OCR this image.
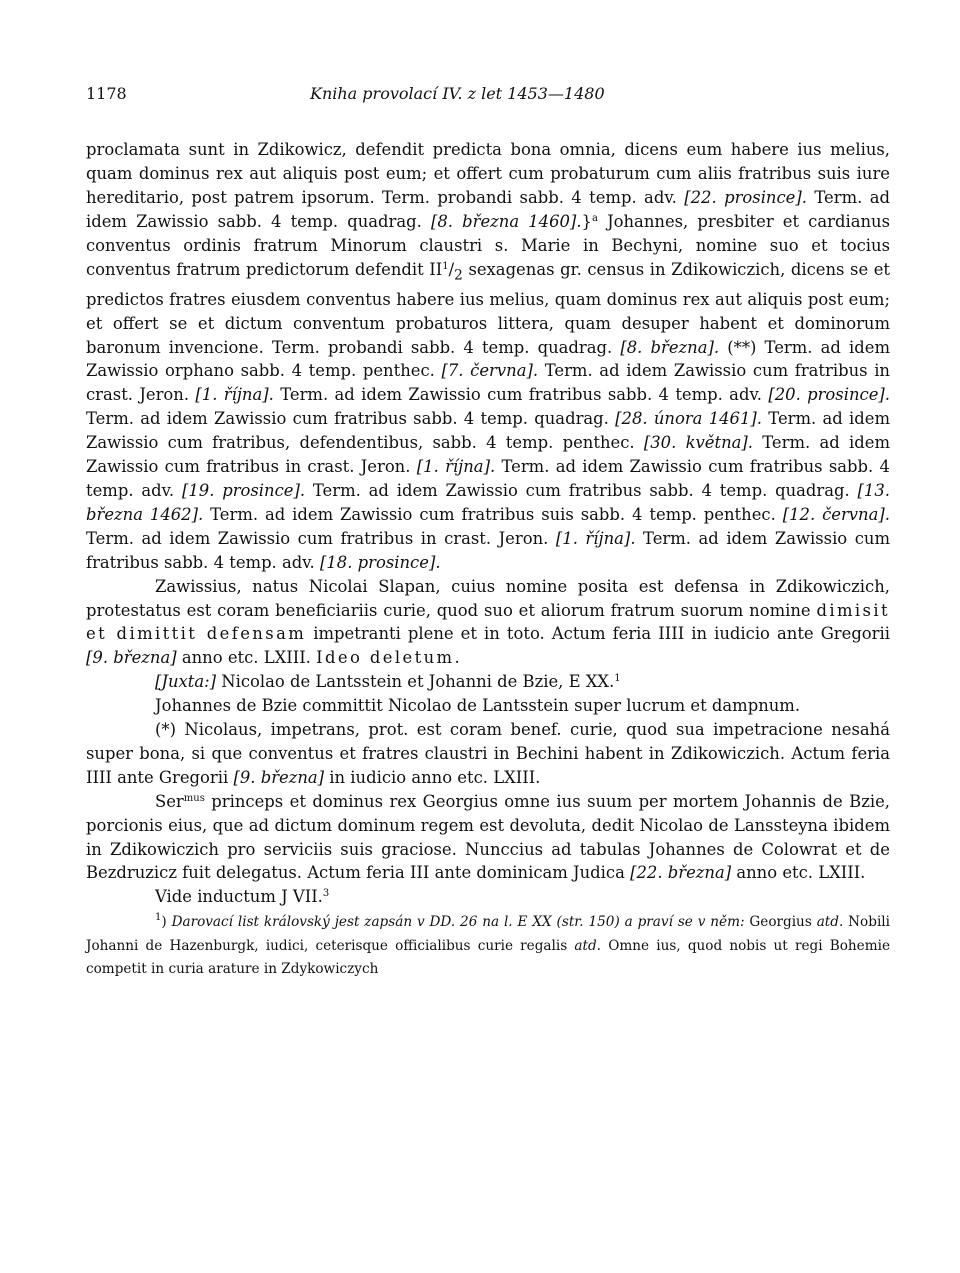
1178	Kniha provolací IV. z let 1453—1480

proclamata sunt in Zdikowicz, defendit predicta bona omnia, dicens eum habere ius melius, quam dominus rex aut aliquis post eum; et offert cum probaturum cum aliis fratribus suis iure hereditario, post patrem ipsorum. Term. probandi sabb. 4 temp. adv. [22. prosince]. Term. ad idem Zawissio sabb. 4 temp. quadrag. [8. března 1460].}$^a$ Johannes, presbiter et cardianus conventus ordinis fratrum Minorum claustri s. Marie in Bechyni, nomine suo et tocius conventus fratrum predictorum defendit $II^1/_2$ sexagenas gr. census in Zdikowiczich, dicens se et predictos fratres eiusdem conventus habere ius melius, quam dominus rex aut aliquis post eum; et offert se et dictum conventum probaturos littera, quam desuper habent et dominorum baronum invencione. Term. probandi sabb. 4 temp. quadrag. [8. března]. (**) Term. ad idem Zawissio orphano sabb. 4 temp. penthec. [7. června]. Term. ad idem Zawissio cum fratribus in crast. Jeron. [1. října]. Term. ad idem Zawissio cum fratribus sabb. 4 temp. adv. [20. prosince]. Term. ad idem Zawissio cum fratribus sabb. 4 temp. quadrag. [28. února 1461]. Term. ad idem Zawissio cum fratribus, defendentibus, sabb. 4 temp. penthec. [30. května]. Term. ad idem Zawissio cum fratribus in crast. Jeron. [1. října]. Term. ad idem Zawissio cum fratribus sabb. 4 temp. adv. [19. prosince]. Term. ad idem Zawissio cum fratribus sabb. 4 temp. quadrag. [13. března 1462]. Term. ad idem Zawissio cum fratribus suis sabb. 4 temp. penthec. [12. června]. Term. ad idem Zawissio cum fratribus in crast. Jeron. [1. října]. Term. ad idem Zawissio cum fratribus sabb. 4 temp. adv. [18. prosince].

Zawissius, natus Nicolai Slapan, cuius nomine posita est defensa in Zdikowiczich, protestatus est coram beneficiariis curie, quod suo et aliorum fratrum suorum nomine dimisit et dimittit defensam impetranti plene et in toto. Actum feria IIII in iudicio ante Gregorii [9. března] anno etc. LXIII. Ideo deletum.

[Juxta:] Nicolao de Lantsstein et Johanni de Bzie, E XX.$^1$

Johannes de Bzie committit Nicolao de Lantsstein super lucrum et dampnum.

(*) Nicolaus, impetrans, prot. est coram benef. curie, quod sua impetracione nesahá super bona, si que conventus et fratres claustri in Bechini habent in Zdikowiczich. Actum feria IIII ante Gregorii [9. března] in iudicio anno etc. LXIII.

Ser$^{mus}$ princeps et dominus rex Georgius omne ius suum per mortem Johannis de Bzie, porcionis eius, que ad dictum dominum regem est devoluta, dedit Nicolao de Lanssteyna ibidem in Zdikowiczich pro serviciis suis graciose. Nunccius ad tabulas Johannes de Colowrat et de Bezdruzicz fuit delegatus. Actum feria III ante dominicam Judica [22. března] anno etc. LXIII.

Vide inductum J VII.$^3$

$^1$) Darovací list královský jest zapsán v DD. 26 na l. E XX (str. 150) a praví se v něm: Georgius atd. Nobili Johanni de Hazenburgk, iudici, ceterisque officialibus curie regalis atd. Omne ius, quod nobis ut regi Bohemie competit in curia arature in Zdykowiczych
